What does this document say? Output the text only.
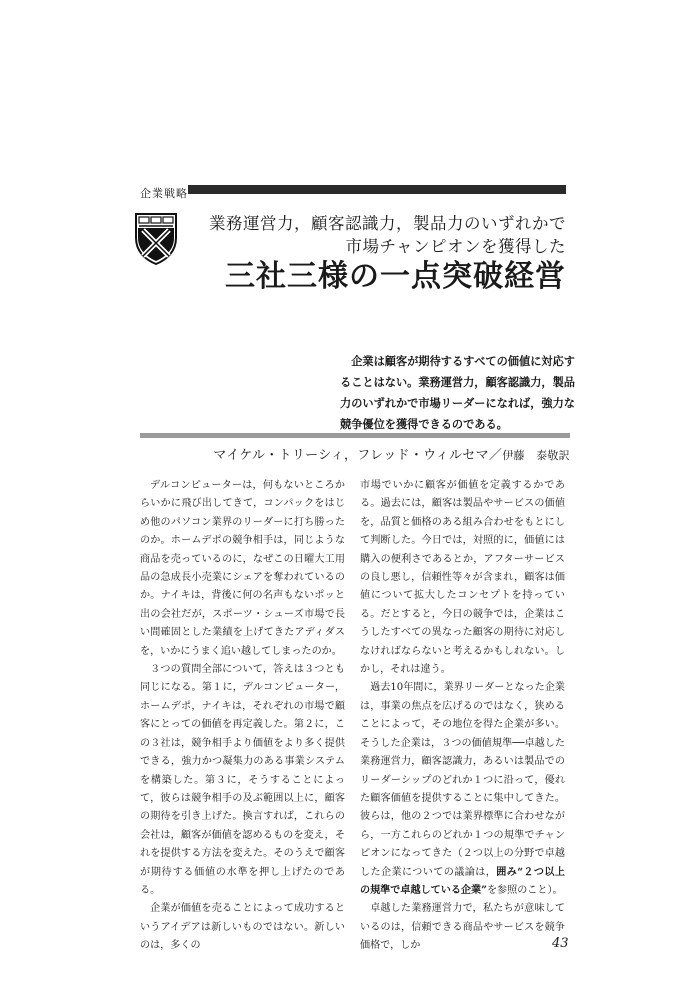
企業戦略
業務運営力，顧客認識力，製品力のいずれかで
市場チャンピオンを獲得した
三社三様の一点突破経営

企業は顧客が期待するすべての価値に対応することはない。業務運営力，顧客認識力，製品力のいずれかで市場リーダーになれば，強力な競争優位を獲得できるのである。

マイケル・トリーシィ，フレッド・ウィルセマ／伊藤　泰敬訳

デルコンピューターは，何もないところからいかに飛び出してきて，コンパックをはじめ他のパソコン業界のリーダーに打ち勝ったのか。ホームデポの競争相手は，同じような商品を売っているのに，なぜこの日曜大工用品の急成長小売業にシェアを奪われているのか。ナイキは，背後に何の名声もないポッと出の会社だが，スポーツ・シューズ市場で長い間確固とした業績を上げてきたアディダスを，いかにうまく追い越してしまったのか。

３つの質問全部について，答えは３つとも同じになる。第１に，デルコンピューター，ホームデポ，ナイキは，それぞれの市場で顧客にとっての価値を再定義した。第２に，この３社は，競争相手より価値をより多く提供できる，強力かつ凝集力のある事業システムを構築した。第３に，そうすることによって，彼らは競争相手の及ぶ範囲以上に，顧客の期待を引き上げた。換言すれば，これらの会社は，顧客が価値を認めるものを変え，それを提供する方法を変えた。そのうえで顧客が期待する価値の水準を押し上げたのである。

企業が価値を売ることによって成功するというアイデアは新しいものではない。新しいのは，多くの

市場でいかに顧客が価値を定義するかである。過去には，顧客は製品やサービスの価値を，品質と価格のある組み合わせをもとにして判断した。今日では，対照的に，価値には購入の便利さであるとか，アフターサービスの良し悪し，信頼性等々が含まれ，顧客は価値について拡大したコンセプトを持っている。だとすると，今日の競争では，企業はこうしたすべての異なった顧客の期待に対応しなければならないと考えるかもしれない。しかし，それは違う。

過去10年間に，業界リーダーとなった企業は，事業の焦点を広げるのではなく，狭めることによって，その地位を得た企業が多い。そうした企業は，３つの価値規準──卓越した業務運営力，顧客認識力，あるいは製品での リーダーシップのどれか１つに沿って，優れた顧客価値を提供することに集中してきた。彼らは，他の２つでは業界標準に合わせながら，一方これらのどれか１つの規準でチャンピオンになってきた（２つ以上の分野で卓越した企業についての議論は，囲み“２つ以上の規準で卓越している企業”を参照のこと）。

卓越した業務運営力で，私たちが意味しているのは，信頼できる商品やサービスを競争価格で，しか	43
